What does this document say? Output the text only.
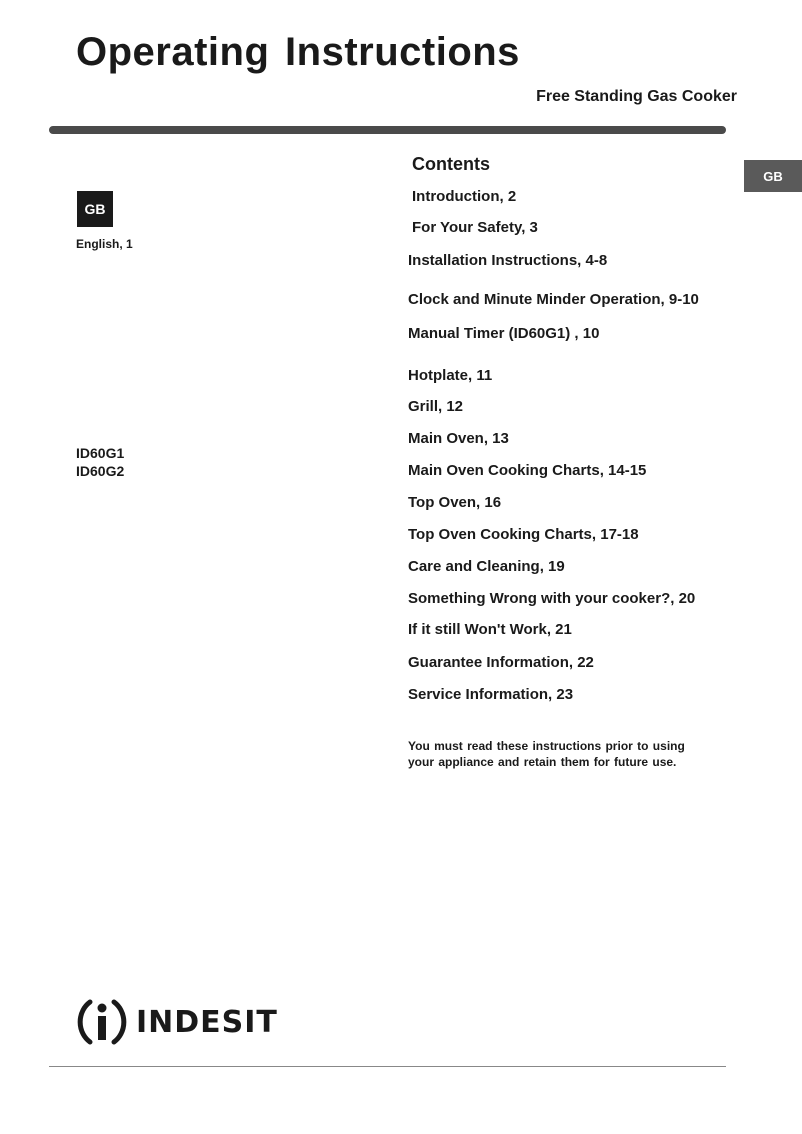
Operating Instructions
Free Standing Gas Cooker
GB
GB
English, 1
ID60G1
ID60G2
Contents
Introduction, 2
For Your Safety, 3
Installation Instructions, 4-8
Clock and Minute Minder Operation, 9-10
Manual Timer (ID60G1) , 10
Hotplate, 11
Grill, 12
Main Oven, 13
Main Oven Cooking Charts, 14-15
Top Oven, 16
Top Oven Cooking Charts, 17-18
Care and Cleaning, 19
Something Wrong with your cooker?, 20
If it still Won't Work, 21
Guarantee Information, 22
Service Information, 23
You must read these instructions prior to using
your appliance and retain them for future use.
INDESIT
